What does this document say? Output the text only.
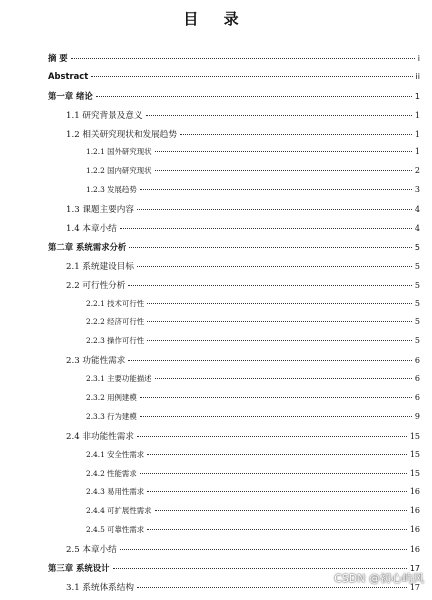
目 录
摘 要	i
Abstract	ii
第一章 绪论	1
1.1 研究背景及意义	1
1.2 相关研究现状和发展趋势	1
1.2.1 国外研究现状	1
1.2.2 国内研究现状	2
1.2.3 发展趋势	3
1.3 课题主要内容	4
1.4 本章小结	4
第二章 系统需求分析	5
2.1 系统建设目标	5
2.2 可行性分析	5
2.2.1 技术可行性	5
2.2.2 经济可行性	5
2.2.3 操作可行性	5
2.3 功能性需求	6
2.3.1 主要功能描述	6
2.3.2 用例建模	6
2.3.3 行为建模	9
2.4 非功能性需求	15
2.4.1 安全性需求	15
2.4.2 性能需求	15
2.4.3 易用性需求	16
2.4.4 可扩展性需求	16
2.4.5 可靠性需求	16
2.5 本章小结	16
第三章 系统设计	17
3.1 系统体系结构	17
CSDN @初心屿风
